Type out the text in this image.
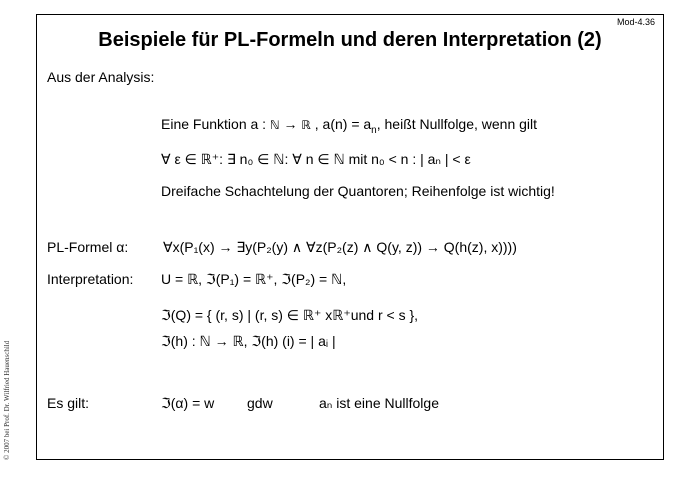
© 2007 bei Prof. Dr. Wilfried Hauenschild
Mod-4.36
Beispiele für PL-Formeln und deren Interpretation (2)
Aus der Analysis:
Eine Funktion a : ℕ → ℝ , $a(n) = a_n$, heißt Nullfolge, wenn gilt
∀ ε ∈ ℝ⁺: ∃ n₀ ∈ ℕ: ∀ n ∈ ℕ mit n₀ < n : | aₙ | < ε
Dreifache Schachtelung der Quantoren; Reihenfolge ist wichtig!
PL-Formel α: ∀x(P₁(x) → ∃y(P₂(y) ∧ ∀z(P₂(z) ∧ Q(y, z)) → Q(h(z), x))))
Interpretation: U = ℝ, ℑ(P₁) = ℝ⁺, ℑ(P₂) = ℕ,
ℑ(Q) = { (r, s) | (r, s) ∈ ℝ⁺ xℝ⁺und r < s },
ℑ(h) : ℕ → ℝ, ℑ(h) (i) = | aᵢ |
Es gilt:	ℑ(α) = w gdw	aₙ ist eine Nullfolge
